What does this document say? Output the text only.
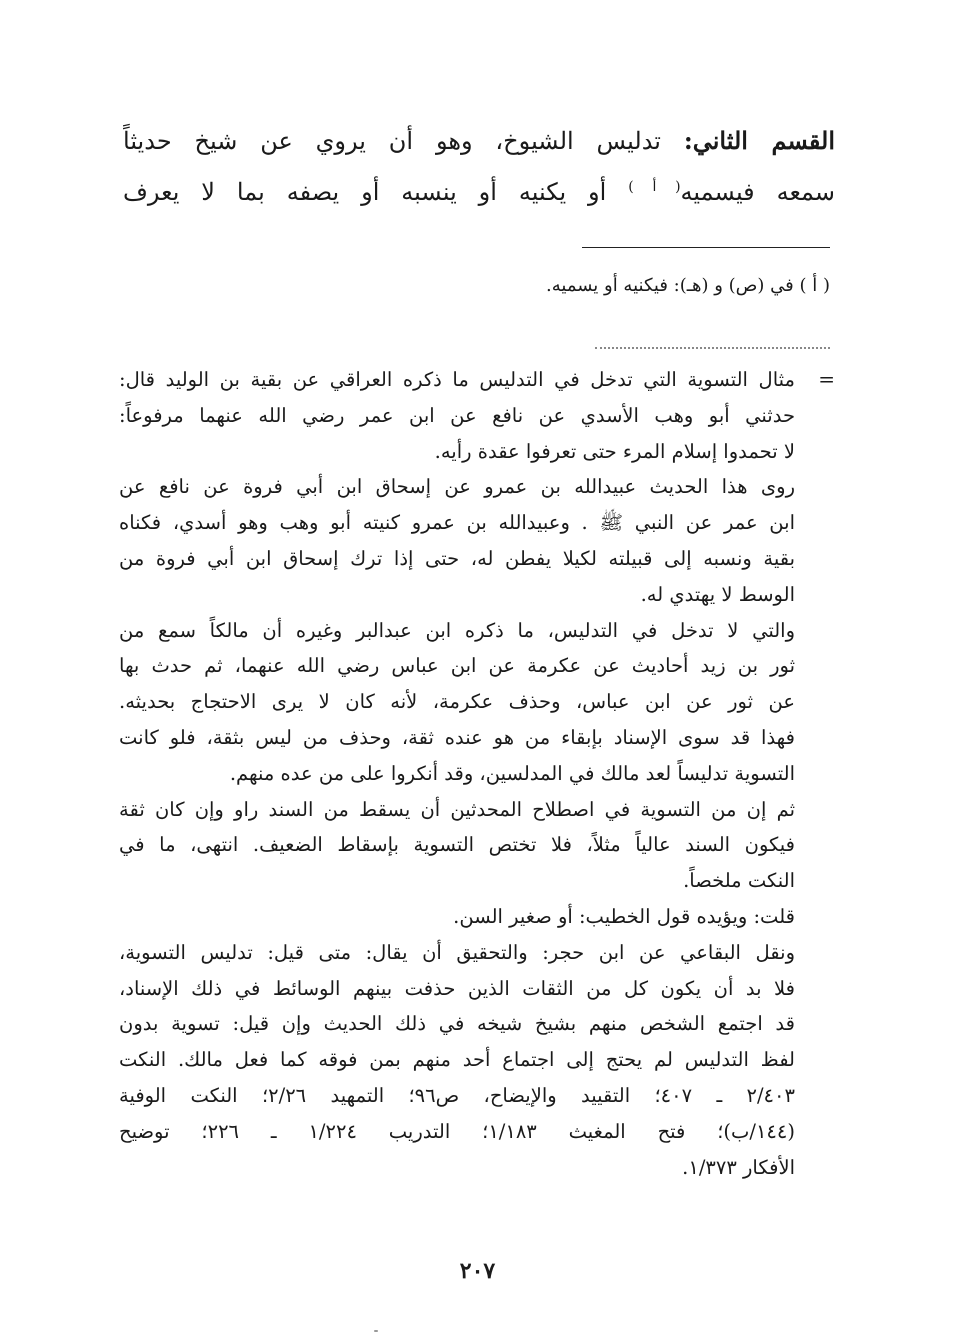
القسم الثاني: تدليس الشيوخ، وهو أن يروي عن شيخ حديثاً
سمعه فيسميه$^{( أ )}$ أو يكنيه أو ينسبه أو يصفه بما لا يعرف
( أ ) في (ص) و (هـ): فيكنيه أو يسميه.
=
مثال التسوية التي تدخل في التدليس ما ذكره العراقي عن بقية بن الوليد قال:
حدثني أبو وهب الأسدي عن نافع عن ابن عمر رضي الله عنهما مرفوعاً:
لا تحمدوا إسلام المرء حتى تعرفوا عقدة رأيه.
روى هذا الحديث عبيدالله بن عمرو عن إسحاق ابن أبي فروة عن نافع عن
ابن عمر عن النبي ﷺ . وعبيدالله بن عمرو كنيته أبو وهب وهو أسدي، فكناه
بقية ونسبه إلى قبيلته لكيلا يفطن له، حتى إذا ترك إسحاق ابن أبي فروة من
الوسط لا يهتدي له.
والتي لا تدخل في التدليس، ما ذكره ابن عبدالبر وغيره أن مالكاً سمع من
ثور بن زيد أحاديث عن عكرمة عن ابن عباس رضي الله عنهما، ثم حدث بها
عن ثور عن ابن عباس، وحذف عكرمة، لأنه كان لا يرى الاحتجاج بحديثه.
فهذا قد سوى الإسناد بإبقاء من هو عنده ثقة، وحذف من ليس بثقة، فلو كانت
التسوية تدليساً لعد مالك في المدلسين، وقد أنكروا على من عده منهم.
ثم إن من التسوية في اصطلاح المحدثين أن يسقط من السند راو وإن كان ثقة
فيكون السند عالياً مثلاً، فلا تختص التسوية بإسقاط الضعيف. انتهى، ما في
النكت ملخصاً.
قلت: ويؤيده قول الخطيب: أو صغير السن.
ونقل البقاعي عن ابن حجر: والتحقيق أن يقال: متى قيل: تدليس التسوية،
فلا بد أن يكون كل من الثقات الذين حذفت بينهم الوسائط في ذلك الإسناد،
قد اجتمع الشخص منهم بشيخ شيخه في ذلك الحديث وإن قيل: تسوية بدون
لفظ التدليس لم يحتج إلى اجتماع أحد منهم بمن فوقه كما فعل مالك. النكت
٢/٤٠٣ ـ ٤٠٧؛ التقييد والإيضاح، ص٩٦؛ التمهيد ٢/٢٦؛ النكت الوفية
(١٤٤/ب)؛ فتح المغيث ١/١٨٣؛ التدريب ١/٢٢٤ ـ ٢٢٦؛ توضيح
الأفكار ١/٣٧٣.
٢٠٧
